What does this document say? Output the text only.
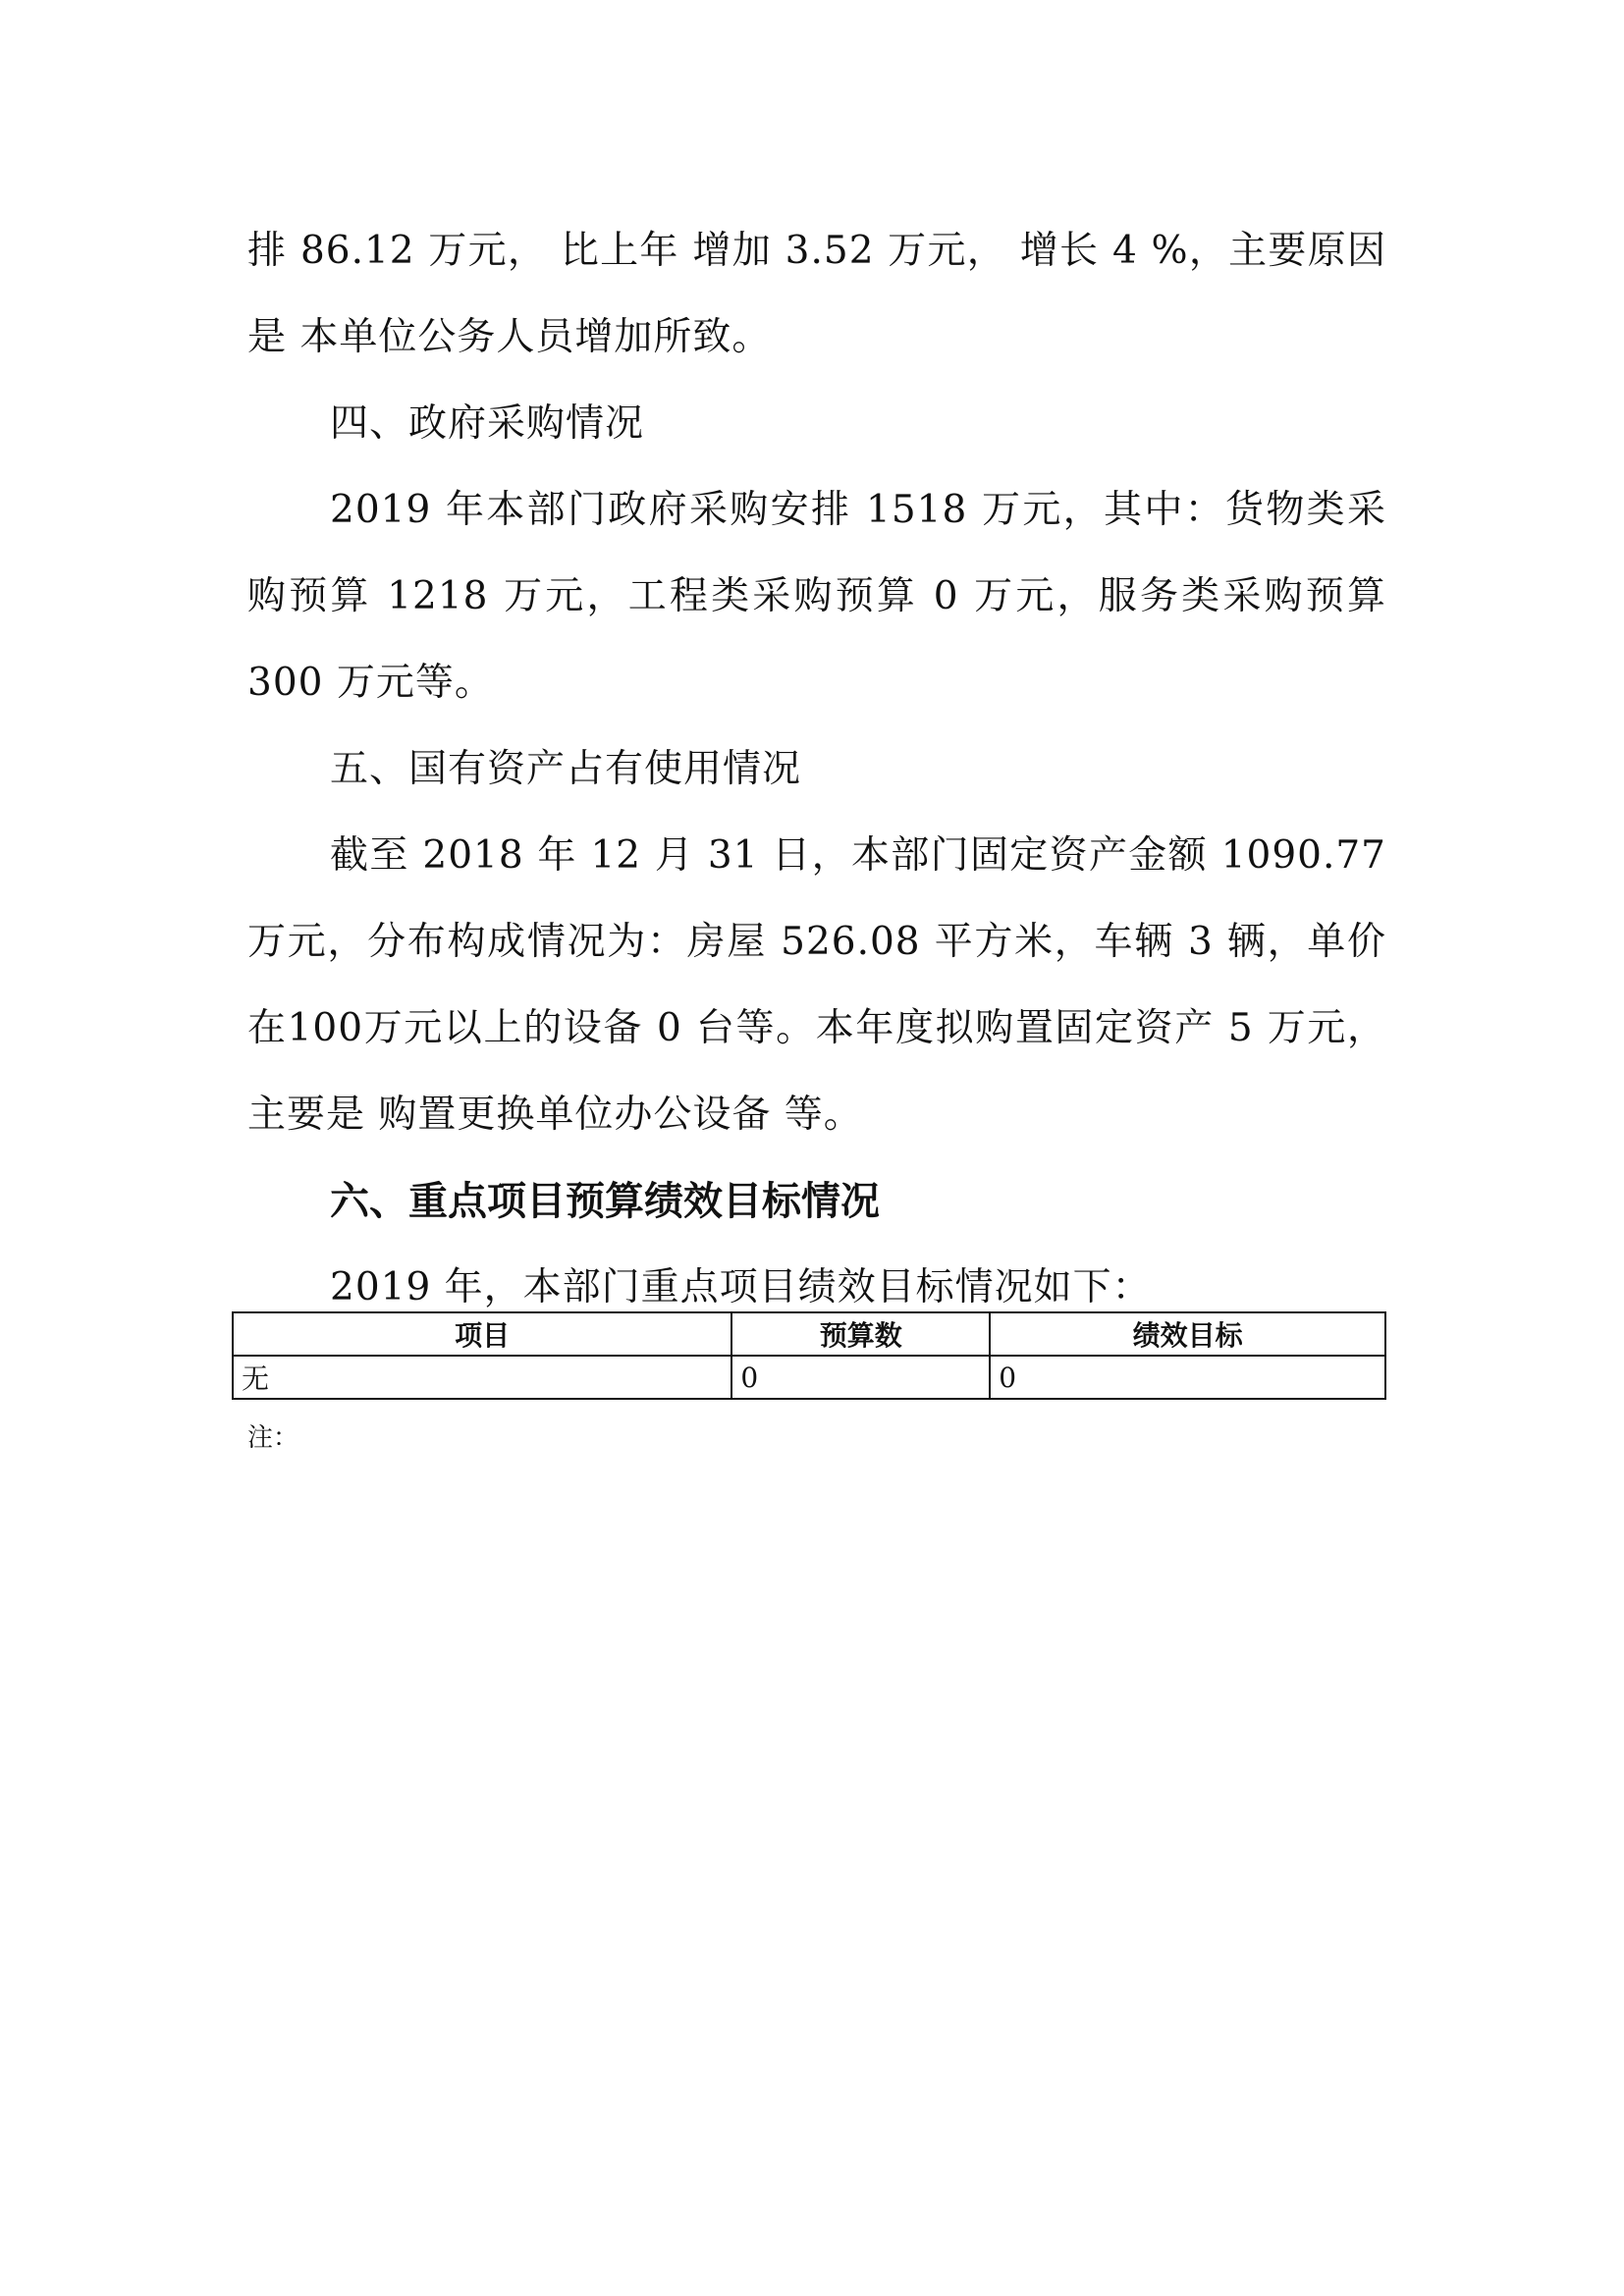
排 86.12 万元， 比上年 增加 3.52 万元， 增长 4 %，主要原因是 本单位公务人员增加所致。

四、政府采购情况

2019 年本部门政府采购安排 1518 万元，其中：货物类采购预算 1218 万元，工程类采购预算 0 万元，服务类采购预算 300 万元等。

五、国有资产占有使用情况

截至 2018 年 12 月 31 日，本部门固定资产金额 1090.77 万元，分布构成情况为：房屋 526.08 平方米，车辆 3 辆，单价在100万元以上的设备 0 台等。本年度拟购置固定资产 5 万元，主要是 购置更换单位办公设备 等。

六、重点项目预算绩效目标情况

2019 年，本部门重点项目绩效目标情况如下：

项目	预算数	绩效目标
无	0	0
注：
